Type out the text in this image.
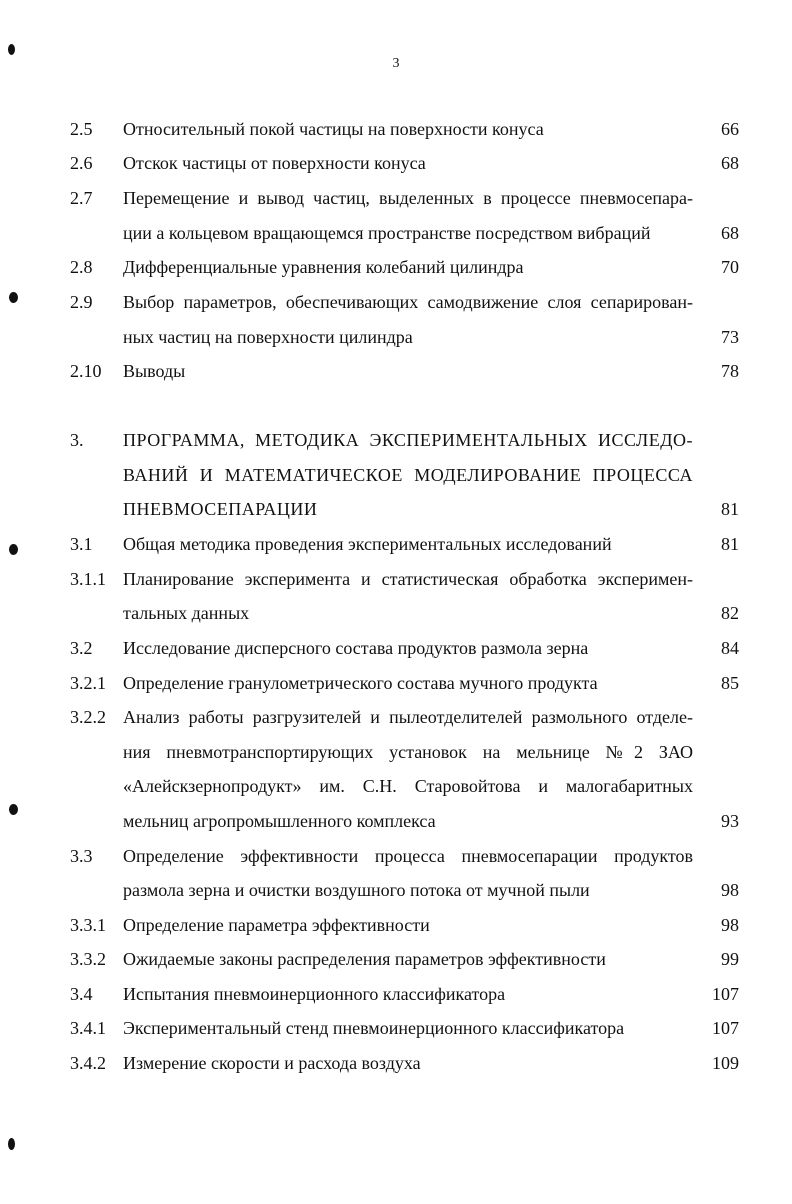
3
2.5 Относительный покой частицы на поверхности конуса	66
2.6 Отскок частицы от поверхности конуса	68
2.7 Перемещение и вывод частиц, выделенных в процессе пневмосепара-
ции а кольцевом вращающемся пространстве посредством вибраций	68
2.8 Дифференциальные уравнения колебаний цилиндра	70
2.9 Выбор параметров, обеспечивающих самодвижение слоя сепарирован-
ных частиц на поверхности цилиндра	73
2.10 Выводы	78
3. ПРОГРАММА, МЕТОДИКА ЭКСПЕРИМЕНТАЛЬНЫХ ИССЛЕДО-
ВАНИЙ И МАТЕМАТИЧЕСКОЕ МОДЕЛИРОВАНИЕ ПРОЦЕССА
ПНЕВМОСЕПАРАЦИИ	81
3.1 Общая методика проведения экспериментальных исследований	81
3.1.1 Планирование эксперимента и статистическая обработка эксперимен-
тальных данных	82
3.2 Исследование дисперсного состава продуктов размола зерна	84
3.2.1 Определение гранулометрического состава мучного продукта	85
3.2.2 Анализ работы разгрузителей и пылеотделителей размольного отделе-
ния пневмотранспортирующих установок на мельнице №2 ЗАО
«Алейскзернопродукт» им. С.Н. Старовойтова и малогабаритных
мельниц агропромышленного комплекса	93
3.3 Определение эффективности процесса пневмосепарации продуктов
размола зерна и очистки воздушного потока от мучной пыли	98
3.3.1 Определение параметра эффективности	98
3.3.2 Ожидаемые законы распределения параметров эффективности	99
3.4 Испытания пневмоинерционного классификатора	107
3.4.1 Экспериментальный стенд пневмоинерционного классификатора	107
3.4.2 Измерение скорости и расхода воздуха	109
